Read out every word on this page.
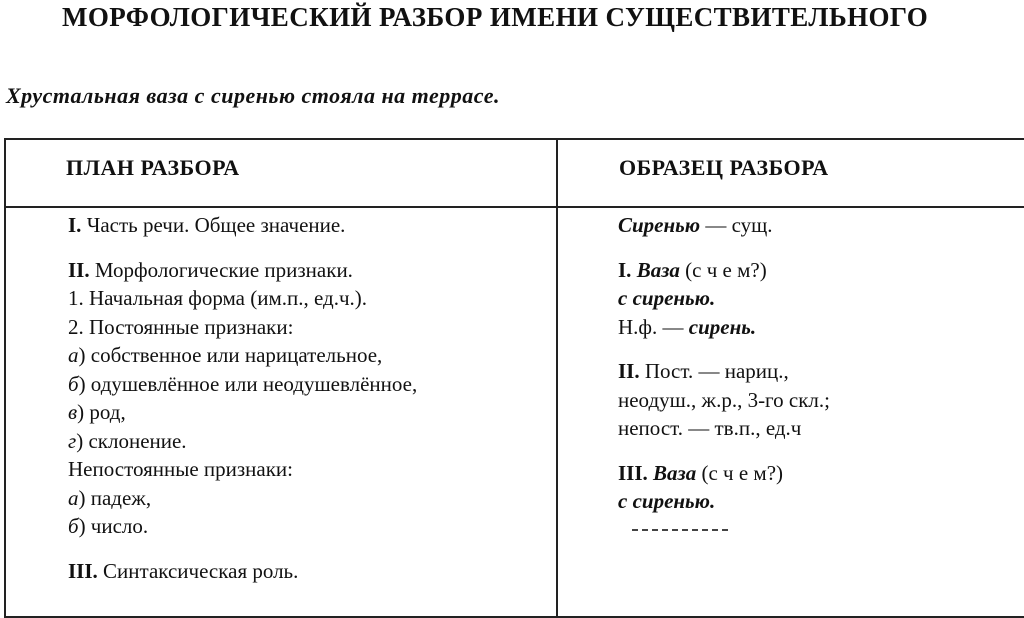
МОРФОЛОГИЧЕСКИЙ РАЗБОР ИМЕНИ СУЩЕСТВИТЕЛЬНОГО
Хрустальная ваза с сиренью стояла на террасе.
ПЛАН РАЗБОРА	ОБРАЗЕЦ РАЗБОРА
I. Часть речи. Общее значение.
II. Морфологические признаки.
1. Начальная форма (им.п., ед.ч.).
2. Постоянные признаки:
а) собственное или нарицательное,
б) одушевлённое или неодушевлённое,
в) род,
г) склонение.
Непостоянные признаки:
а) падеж,
б) число.
III. Синтаксическая роль.
Сиренью — сущ.
I. Ваза (с ч е м?)
с сиренью.
Н.ф. — сирень.
II. Пост. — нариц.,
неодуш., ж.р., 3-го скл.;
непост. — тв.п., ед.ч
III. Ваза (с ч е м?)
с сиренью.
